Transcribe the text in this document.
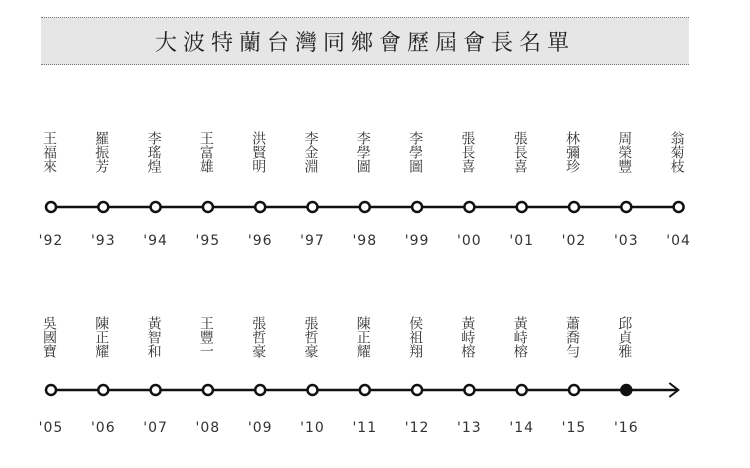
大波特蘭台灣同鄉會歷屆會長名單
王福來
'92
羅振芳
'93
李瑤煌
'94
王富雄
'95
洪賢明
'96
李金淵
'97
李學圖
'98
李學圖
'99
張長喜
'00
張長喜
'01
林彌珍
'02
周榮豐
'03
翁菊枝
'04
吳國寶
'05
陳正耀
'06
黃智和
'07
王豐一
'08
張哲豪
'09
張哲豪
'10
陳正耀
'11
侯祖翔
'12
黃峙榕
'13
黃峙榕
'14
蕭喬勻
'15
邱貞雅
'16
